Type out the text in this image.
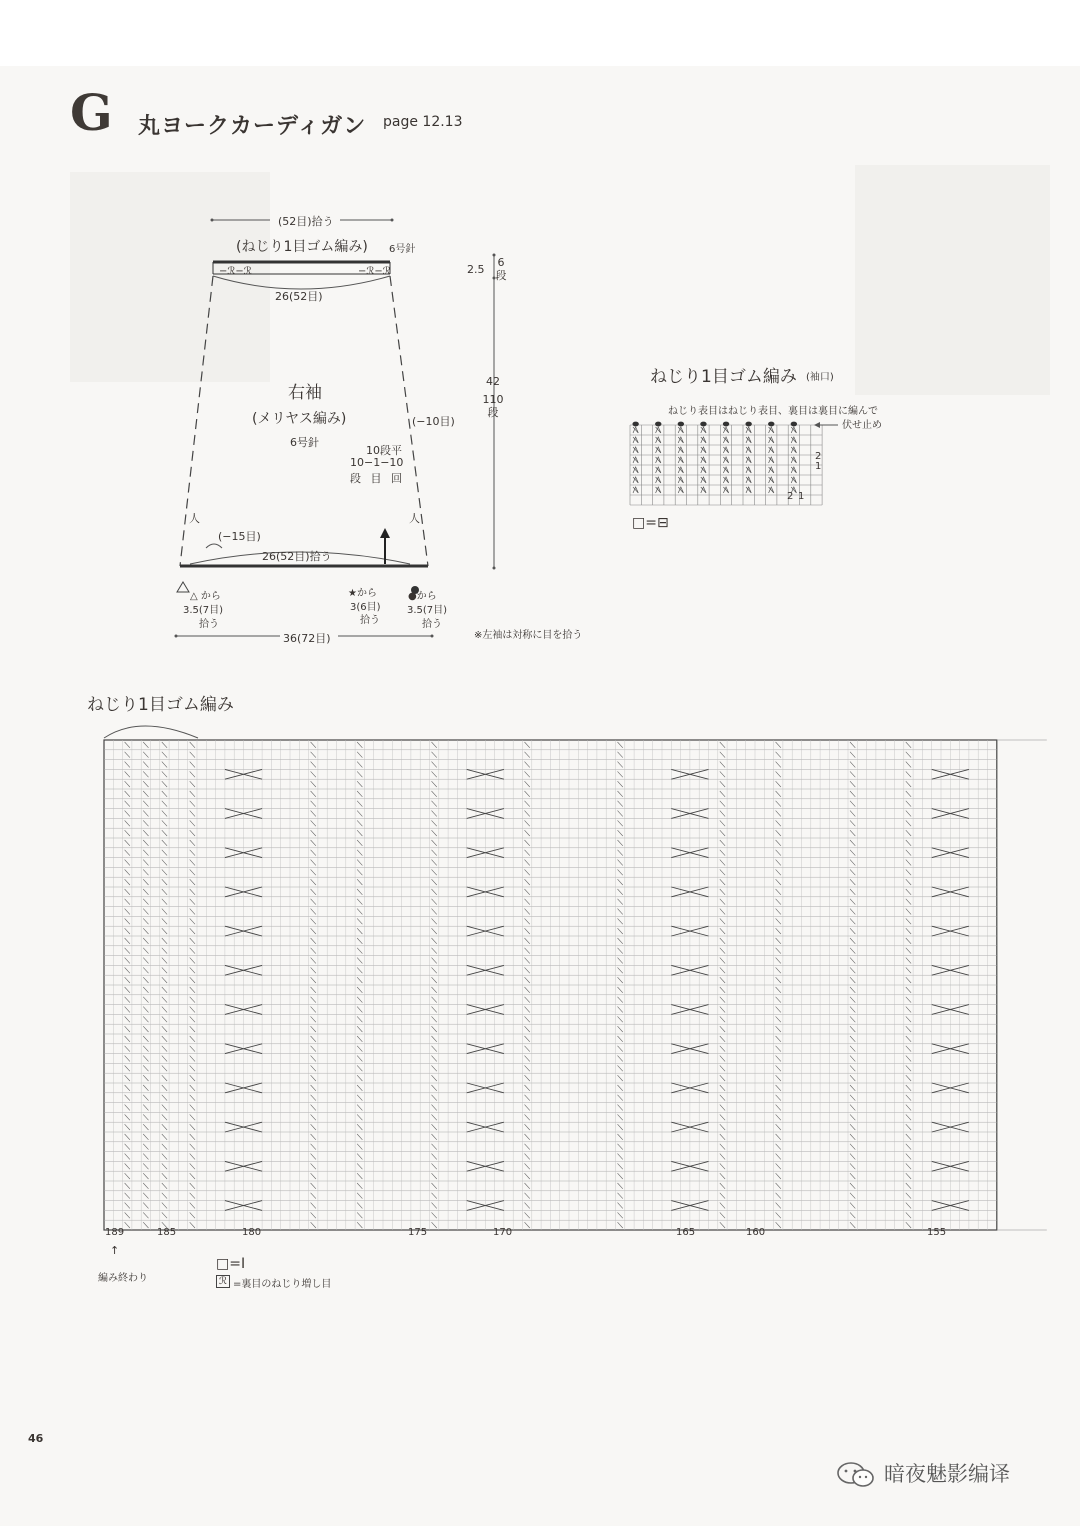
G 丸ヨークカーディガン page 12.13
(52目)拾う
(ねじり1目ゴム編み) 6号針
−ℛ−ℛ	−ℛ−ℛ
26(52目)
右袖
(メリヤス編み)
6号針
(−10目)
10段平
10−1−10
段 目 回
人	人
(−15目)
26(52目)拾う
△ から
3.5(7目)
拾う
★から
3(6目)
拾う
●から
3.5(7目)
拾う
36(72目)
2.5
6
段
42
110
段
※左袖は対称に目を拾う
ねじり1目ゴム編み (袖口)
ねじり表目はねじり表目、裏目は裏目に編んで
伏せ止め
2
1
2 1
□=⊟
ねじり1目ゴム編み
189	185	180	175	170	165	160	155
↑
編み終わり
□=Ⅰ
ℛ =裏目のねじり増し目
46
暗夜魅影编译
